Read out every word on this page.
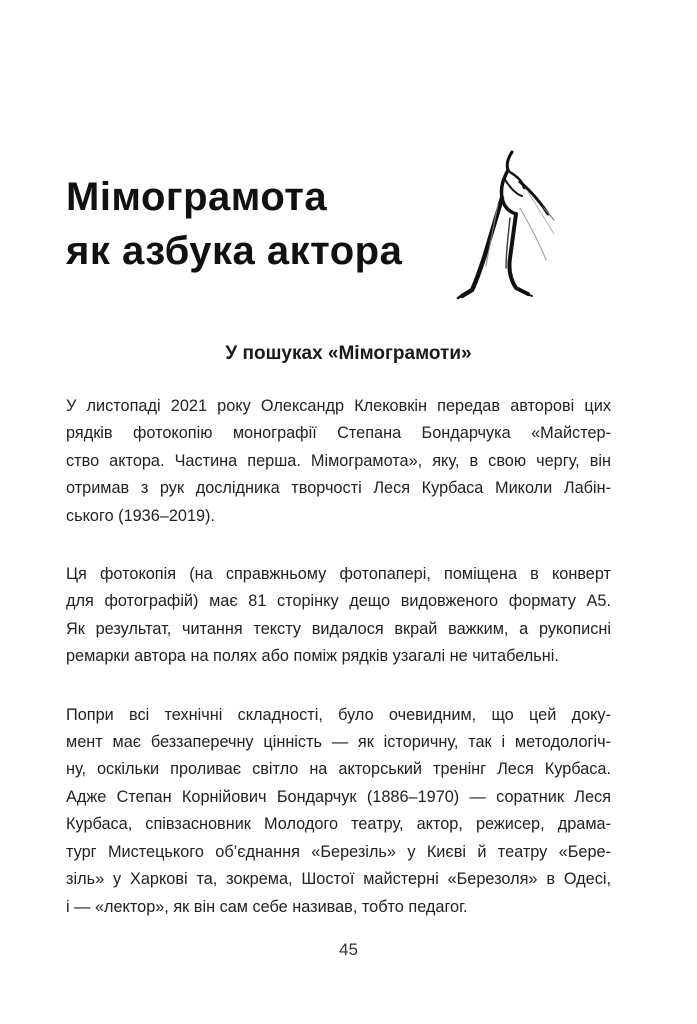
Мімограмота
як азбука актора
У пошуках «Мімограмоти»

У листопаді 2021 року Олександр Клековкін передав авторові цих
рядків фотокопію монографії Степана Бондарчука «Майстер-
ство актора. Частина перша. Мімограмота», яку, в свою чергу, він
отримав з рук дослідника творчості Леся Курбаса Миколи Лабін-
ського (1936–2019).

Ця фотокопія (на справжньому фотопапері, поміщена в конверт
для фотографій) має 81 сторінку дещо видовженого формату А5.
Як результат, читання тексту видалося вкрай важким, а рукописні
ремарки автора на полях або поміж рядків узагалі не читабельні.

Попри всі технічні складності, було очевидним, що цей доку-
мент має беззаперечну цінність — як історичну, так і методологіч-
ну, оскільки проливає світло на акторський тренінг Леся Курбаса.
Адже Степан Корнійович Бондарчук (1886–1970) — соратник Леся
Курбаса, співзасновник Молодого театру, актор, режисер, драма-
тург Мистецького об’єднання «Березіль» у Києві й театру «Бере-
зіль» у Харкові та, зокрема, Шостої майстерні «Березоля» в Одесі,
і — «лектор», як він сам себе називав, тобто педагог.

45
